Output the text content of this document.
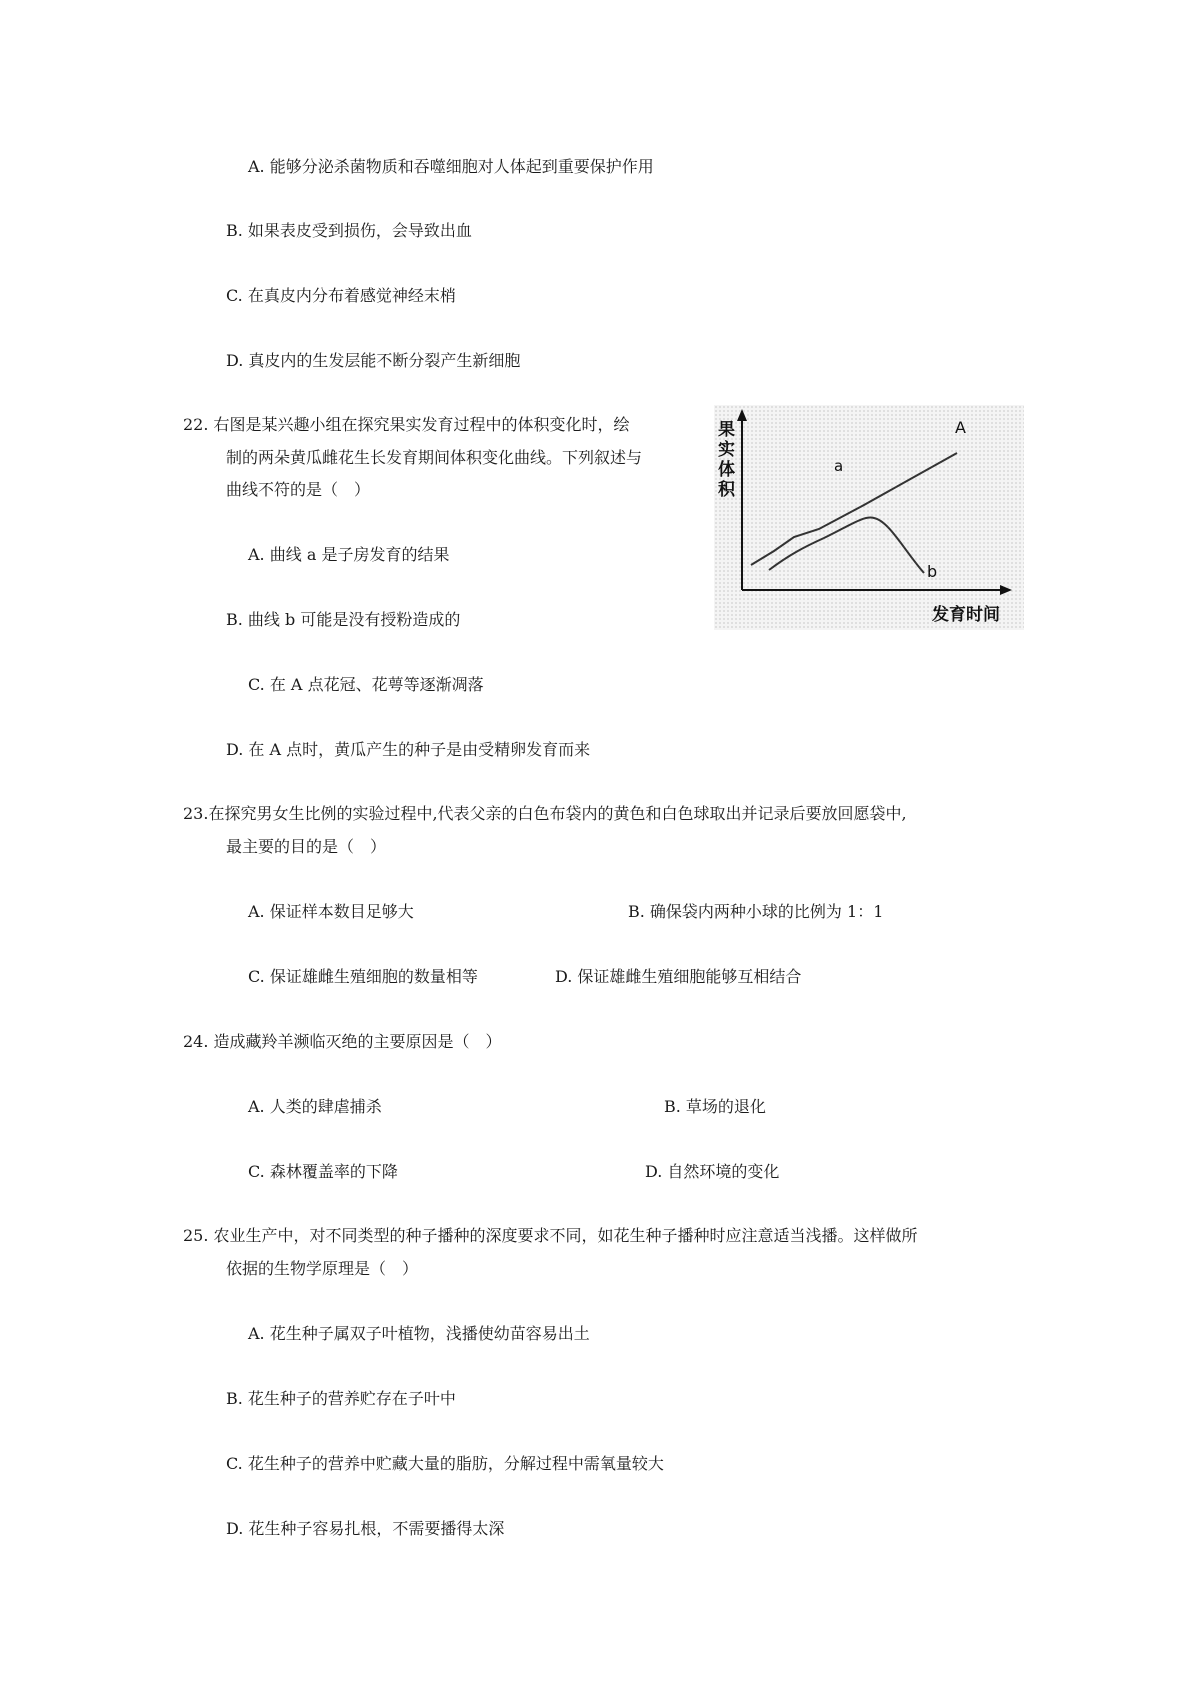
A. 能够分泌杀菌物质和吞噬细胞对人体起到重要保护作用
B. 如果表皮受到损伤，会导致出血
C. 在真皮内分布着感觉神经末梢
D. 真皮内的生发层能不断分裂产生新细胞
22. 右图是某兴趣小组在探究果实发育过程中的体积变化时，绘
制的两朵黄瓜雌花生长发育期间体积变化曲线。下列叙述与
曲线不符的是（　）
A. 曲线 a 是子房发育的结果
B. 曲线 b 可能是没有授粉造成的
C. 在 A 点花冠、花萼等逐渐凋落
D. 在 A 点时，黄瓜产生的种子是由受精卵发育而来
果
实
体
积
a
A
b
发育时间
23.在探究男女生比例的实验过程中,代表父亲的白色布袋内的黄色和白色球取出并记录后要放回愿袋中,
最主要的目的是（　）
A. 保证样本数目足够大	B. 确保袋内两种小球的比例为 1：1
C. 保证雄雌生殖细胞的数量相等	D. 保证雄雌生殖细胞能够互相结合
24. 造成藏羚羊濒临灭绝的主要原因是（　）
A. 人类的肆虐捕杀	B. 草场的退化
C. 森林覆盖率的下降	D. 自然环境的变化
25. 农业生产中，对不同类型的种子播种的深度要求不同，如花生种子播种时应注意适当浅播。这样做所
依据的生物学原理是（　）
A. 花生种子属双子叶植物，浅播使幼苗容易出土
B. 花生种子的营养贮存在子叶中
C. 花生种子的营养中贮藏大量的脂肪，分解过程中需氧量较大
D. 花生种子容易扎根，不需要播得太深
